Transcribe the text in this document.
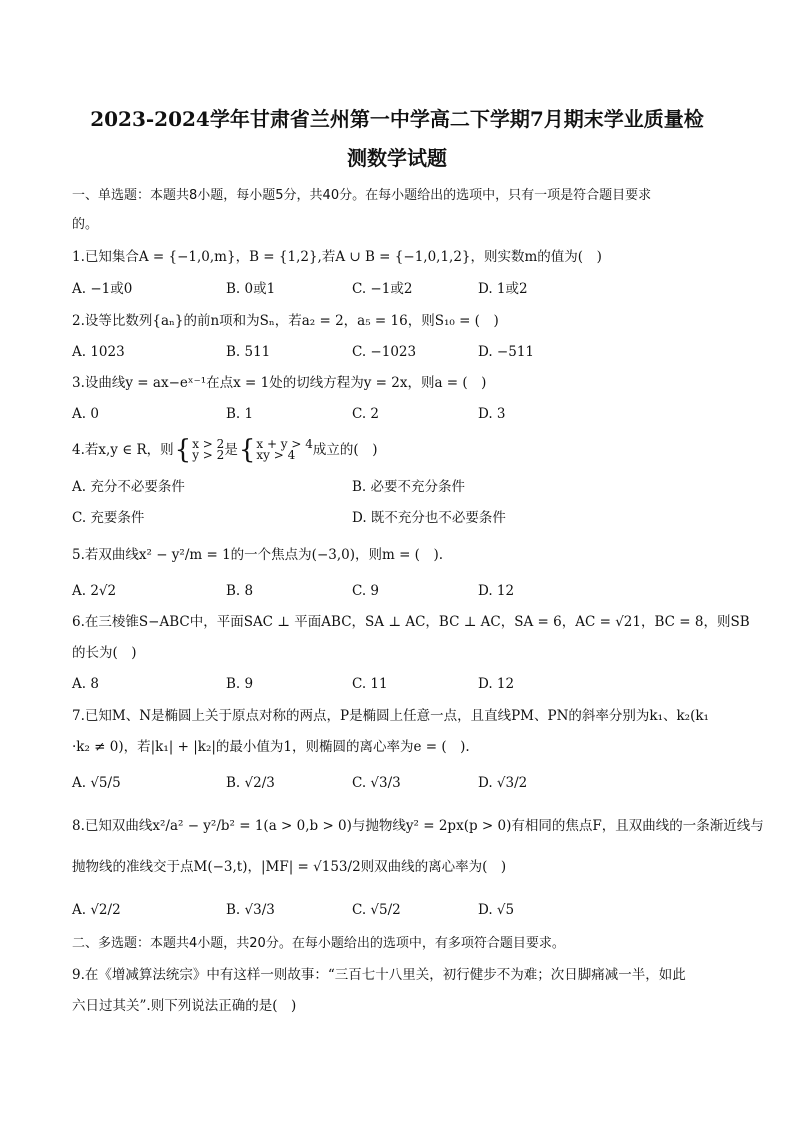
2023-2024学年甘肃省兰州第一中学高二下学期7月期末学业质量检
测数学试题
一、单选题：本题共8小题，每小题5分，共40分。在每小题给出的选项中，只有一项是符合题目要求
的。
1.已知集合A = {−1,0,m}，B = {1,2},若A ∪ B = {−1,0,1,2}，则实数m的值为(　)
A. −1或0	B. 0或1	C. −1或2	D. 1或2
2.设等比数列{aₙ}的前n项和为Sₙ，若a₂ = 2，a₅ = 16，则S₁₀ = (　)
A. 1023	B. 511	C. −1023	D. −511
3.设曲线y = ax−eˣ⁻¹在点x = 1处的切线方程为y = 2x，则a = (　)
A. 0	B. 1	C. 2	D. 3
4.若x,y ∈ R，则 { x > 2
y > 2 是 { x + y > 4
xy > 4	成立的(　)
A. 充分不必要条件	B. 必要不充分条件
C. 充要条件	D. 既不充分也不必要条件
5.若双曲线x² − y²/m = 1的一个焦点为(−3,0)，则m = (　).
A. 2√2	B. 8	C. 9	D. 12
6.在三棱锥S−ABC中，平面SAC ⊥ 平面ABC，SA ⊥ AC，BC ⊥ AC，SA = 6，AC = √21，BC = 8，则SB
的长为(　)
A. 8	B. 9	C. 11	D. 12
7.已知M、N是椭圆上关于原点对称的两点，P是椭圆上任意一点，且直线PM、PN的斜率分别为k₁、k₂(k₁
·k₂ ≠ 0)，若|k₁| + |k₂|的最小值为1，则椭圆的离心率为e = (　).
A. √5/5	B. √2/3	C. √3/3	D. √3/2
8.已知双曲线x²/a² − y²/b² = 1(a > 0,b > 0)与抛物线y² = 2px(p > 0)有相同的焦点F，且双曲线的一条渐近线与
抛物线的准线交于点M(−3,t)，|MF| = √153/2则双曲线的离心率为(　)
A. √2/2	B. √3/3	C. √5/2	D. √5
二、多选题：本题共4小题，共20分。在每小题给出的选项中，有多项符合题目要求。
9.在《增减算法统宗》中有这样一则故事：“三百七十八里关，初行健步不为难；次日脚痛减一半，如此
六日过其关”.则下列说法正确的是(　)
